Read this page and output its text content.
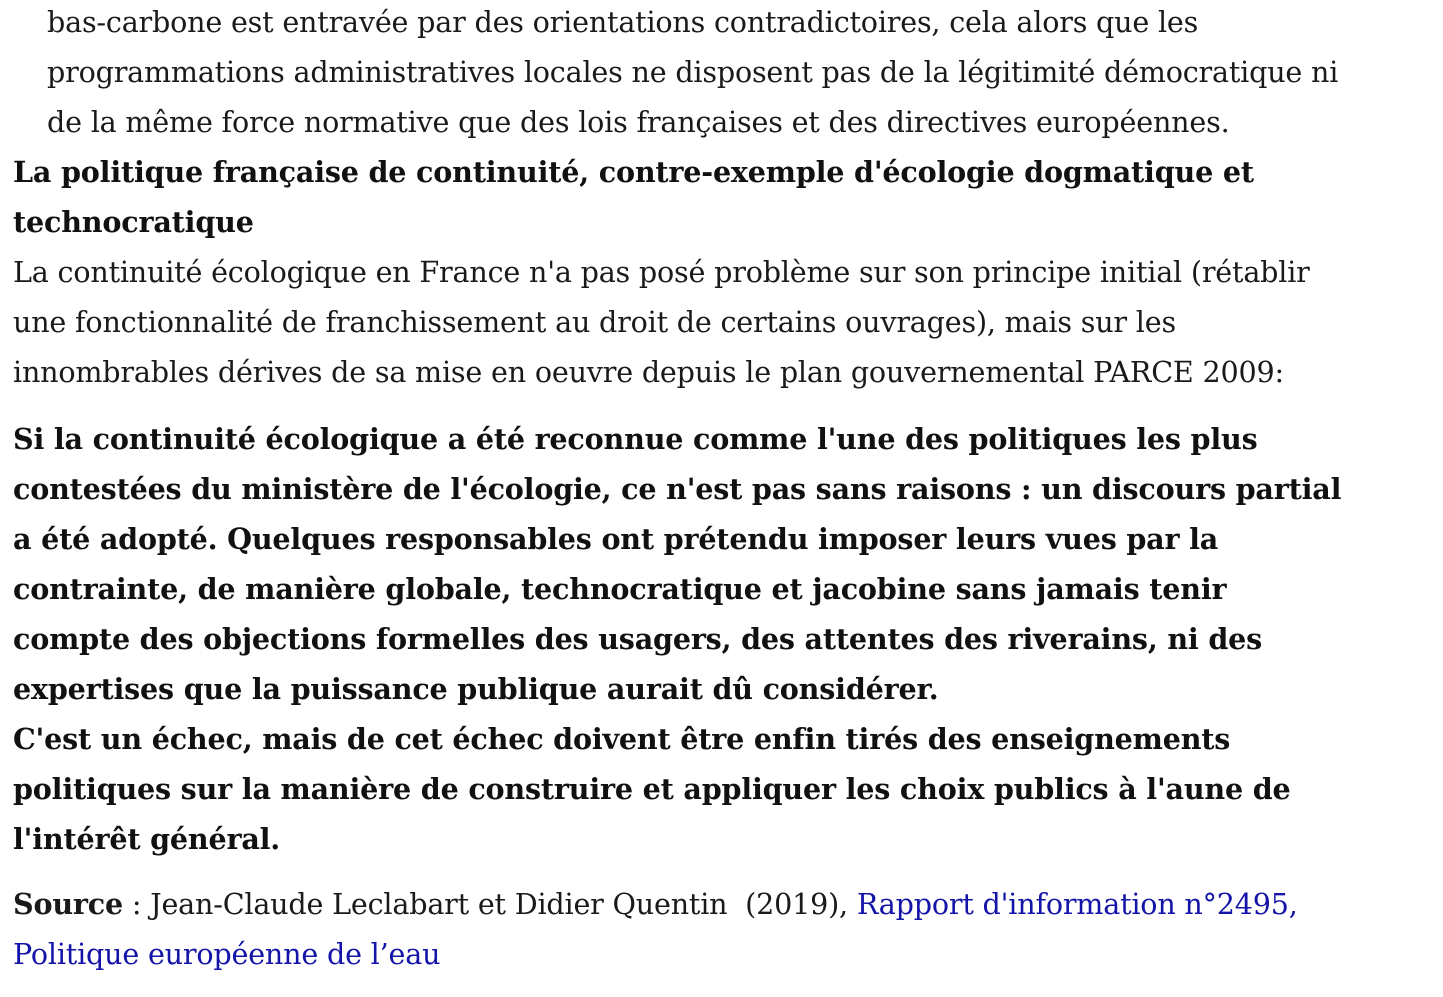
bas-carbone est entravée par des orientations contradictoires, cela alors que les
programmations administratives locales ne disposent pas de la légitimité démocratique ni
de la même force normative que des lois françaises et des directives européennes.
La politique française de continuité, contre-exemple d'écologie dogmatique et
technocratique
La continuité écologique en France n'a pas posé problème sur son principe initial (rétablir
une fonctionnalité de franchissement au droit de certains ouvrages), mais sur les
innombrables dérives de sa mise en oeuvre depuis le plan gouvernemental PARCE 2009:
Si la continuité écologique a été reconnue comme l'une des politiques les plus
contestées du ministère de l'écologie, ce n'est pas sans raisons : un discours partial
a été adopté. Quelques responsables ont prétendu imposer leurs vues par la
contrainte, de manière globale, technocratique et jacobine sans jamais tenir
compte des objections formelles des usagers, des attentes des riverains, ni des
expertises que la puissance publique aurait dû considérer.
C'est un échec, mais de cet échec doivent être enfin tirés des enseignements
politiques sur la manière de construire et appliquer les choix publics à l'aune de
l'intérêt général.
Source : Jean-Claude Leclabart et Didier Quentin  (2019), Rapport d'information n°2495,
Politique européenne de l’eau
